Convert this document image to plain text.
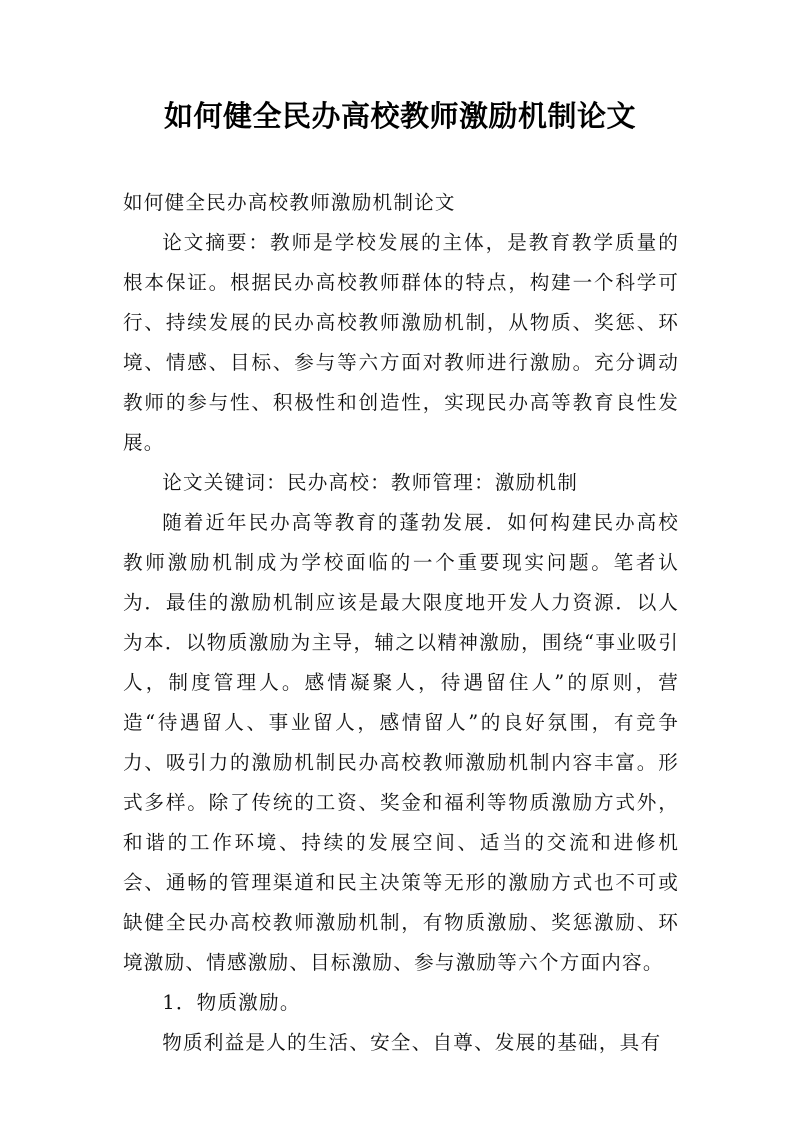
如何健全民办高校教师激励机制论文

如何健全民办高校教师激励机制论文

论文摘要：教师是学校发展的主体，是教育教学质量的根本保证。根据民办高校教师群体的特点，构建一个科学可行、持续发展的民办高校教师激励机制，从物质、奖惩、环境、情感、目标、参与等六方面对教师进行激励。充分调动教师的参与性、积极性和创造性，实现民办高等教育良性发展。

论文关键词：民办高校：教师管理：激励机制

随着近年民办高等教育的蓬勃发展．如何构建民办高校教师激励机制成为学校面临的一个重要现实问题。笔者认为．最佳的激励机制应该是最大限度地开发人力资源．以人为本．以物质激励为主导，辅之以精神激励，围绕“事业吸引人，制度管理人。感情凝聚人，待遇留住人”的原则，营造“待遇留人、事业留人，感情留人”的良好氛围，有竞争力、吸引力的激励机制民办高校教师激励机制内容丰富。形式多样。除了传统的工资、奖金和福利等物质激励方式外，和谐的工作环境、持续的发展空间、适当的交流和进修机会、通畅的管理渠道和民主决策等无形的激励方式也不可或缺健全民办高校教师激励机制，有物质激励、奖惩激励、环境激励、情感激励、目标激励、参与激励等六个方面内容。

1．物质激励。

物质利益是人的生活、安全、自尊、发展的基础，具有
